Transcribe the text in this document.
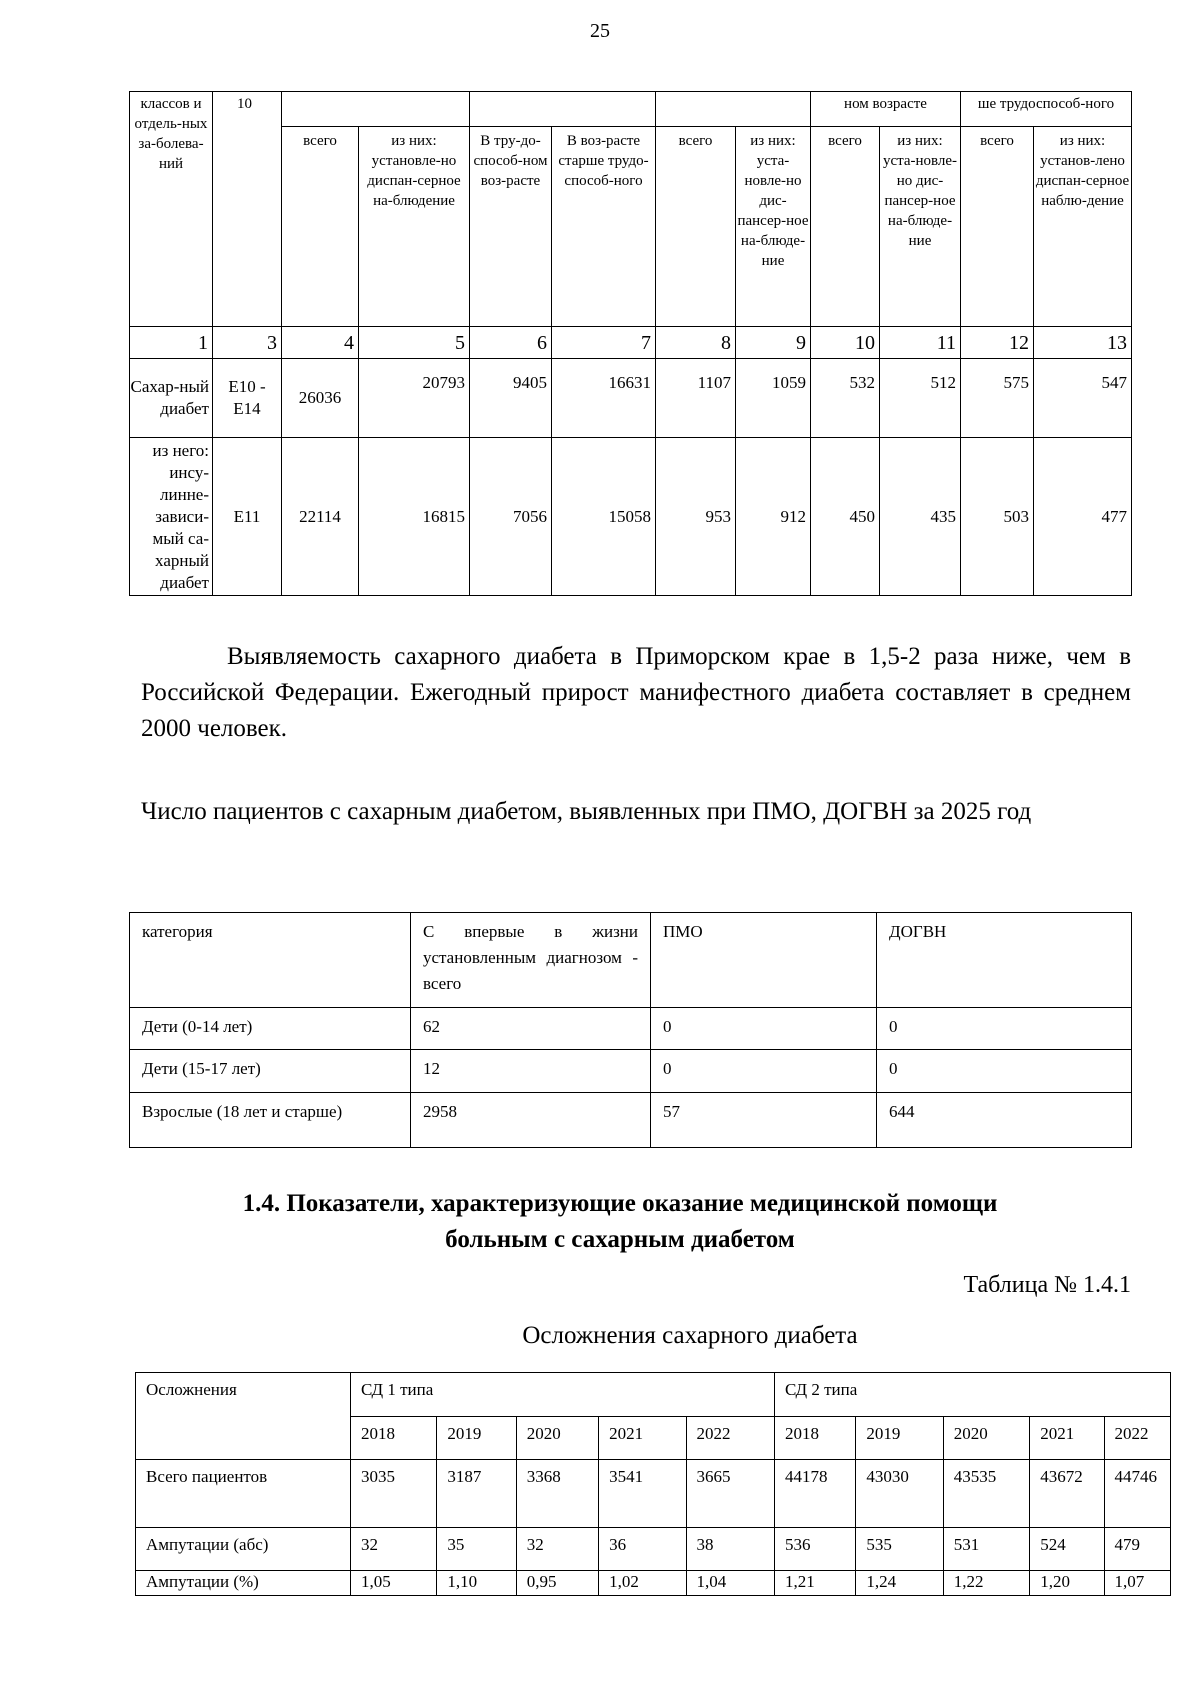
25
классов и отдель-ных за-болева-ний	10							ном возрасте		ше трудоспособ-ного	
		всего	из них: установле-но диспан-серное на-блюдение	В тру-до-способ-ном воз-расте	В воз-расте старше трудо-способ-ного	всего	из них: уста-новле-но дис-пансер-ное на-блюде-ние	всего	из них: уста-новле-но дис-пансер-ное на-блюде-ние	всего	из них: установ-лено диспан-серное наблю-дение
1	3	4	5	6	7	8	9	10	11	12	13
Сахар-ный диабет	Е10 - Е14	26036	20793	9405	16631	1107	1059	532	512	575	547
из него: инсу-линне-зависи-мый са-харный диабет	Е11	22114	16815	7056	15058	953	912	450	435	503	477
Выявляемость сахарного диабета в Приморском крае в 1,5-2 раза ниже, чем в Российской Федерации. Ежегодный прирост манифестного диабета составляет в среднем 2000 человек.
Число пациентов с сахарным диабетом, выявленных при ПМО, ДОГВН за 2025 год
категория	С впервые в жизни установленным диагнозом - всего	ПМО	ДОГВН
Дети (0-14 лет)	62	0	0
Дети (15-17 лет)	12	0	0
Взрослые (18 лет и старше)	2958	57	644
1.4. Показатели, характеризующие оказание медицинской помощи больным с сахарным диабетом
Таблица № 1.4.1
Осложнения сахарного диабета
Осложнения	СД 1 типа					СД 2 типа				
	2018	2019	2020	2021	2022	2018	2019	2020	2021	2022
Всего пациентов	3035	3187	3368	3541	3665	44178	43030	43535	43672	44746
Ампутации (абс)	32	35	32	36	38	536	535	531	524	479
Ампутации (%)	1,05	1,10	0,95	1,02	1,04	1,21	1,24	1,22	1,20	1,07
